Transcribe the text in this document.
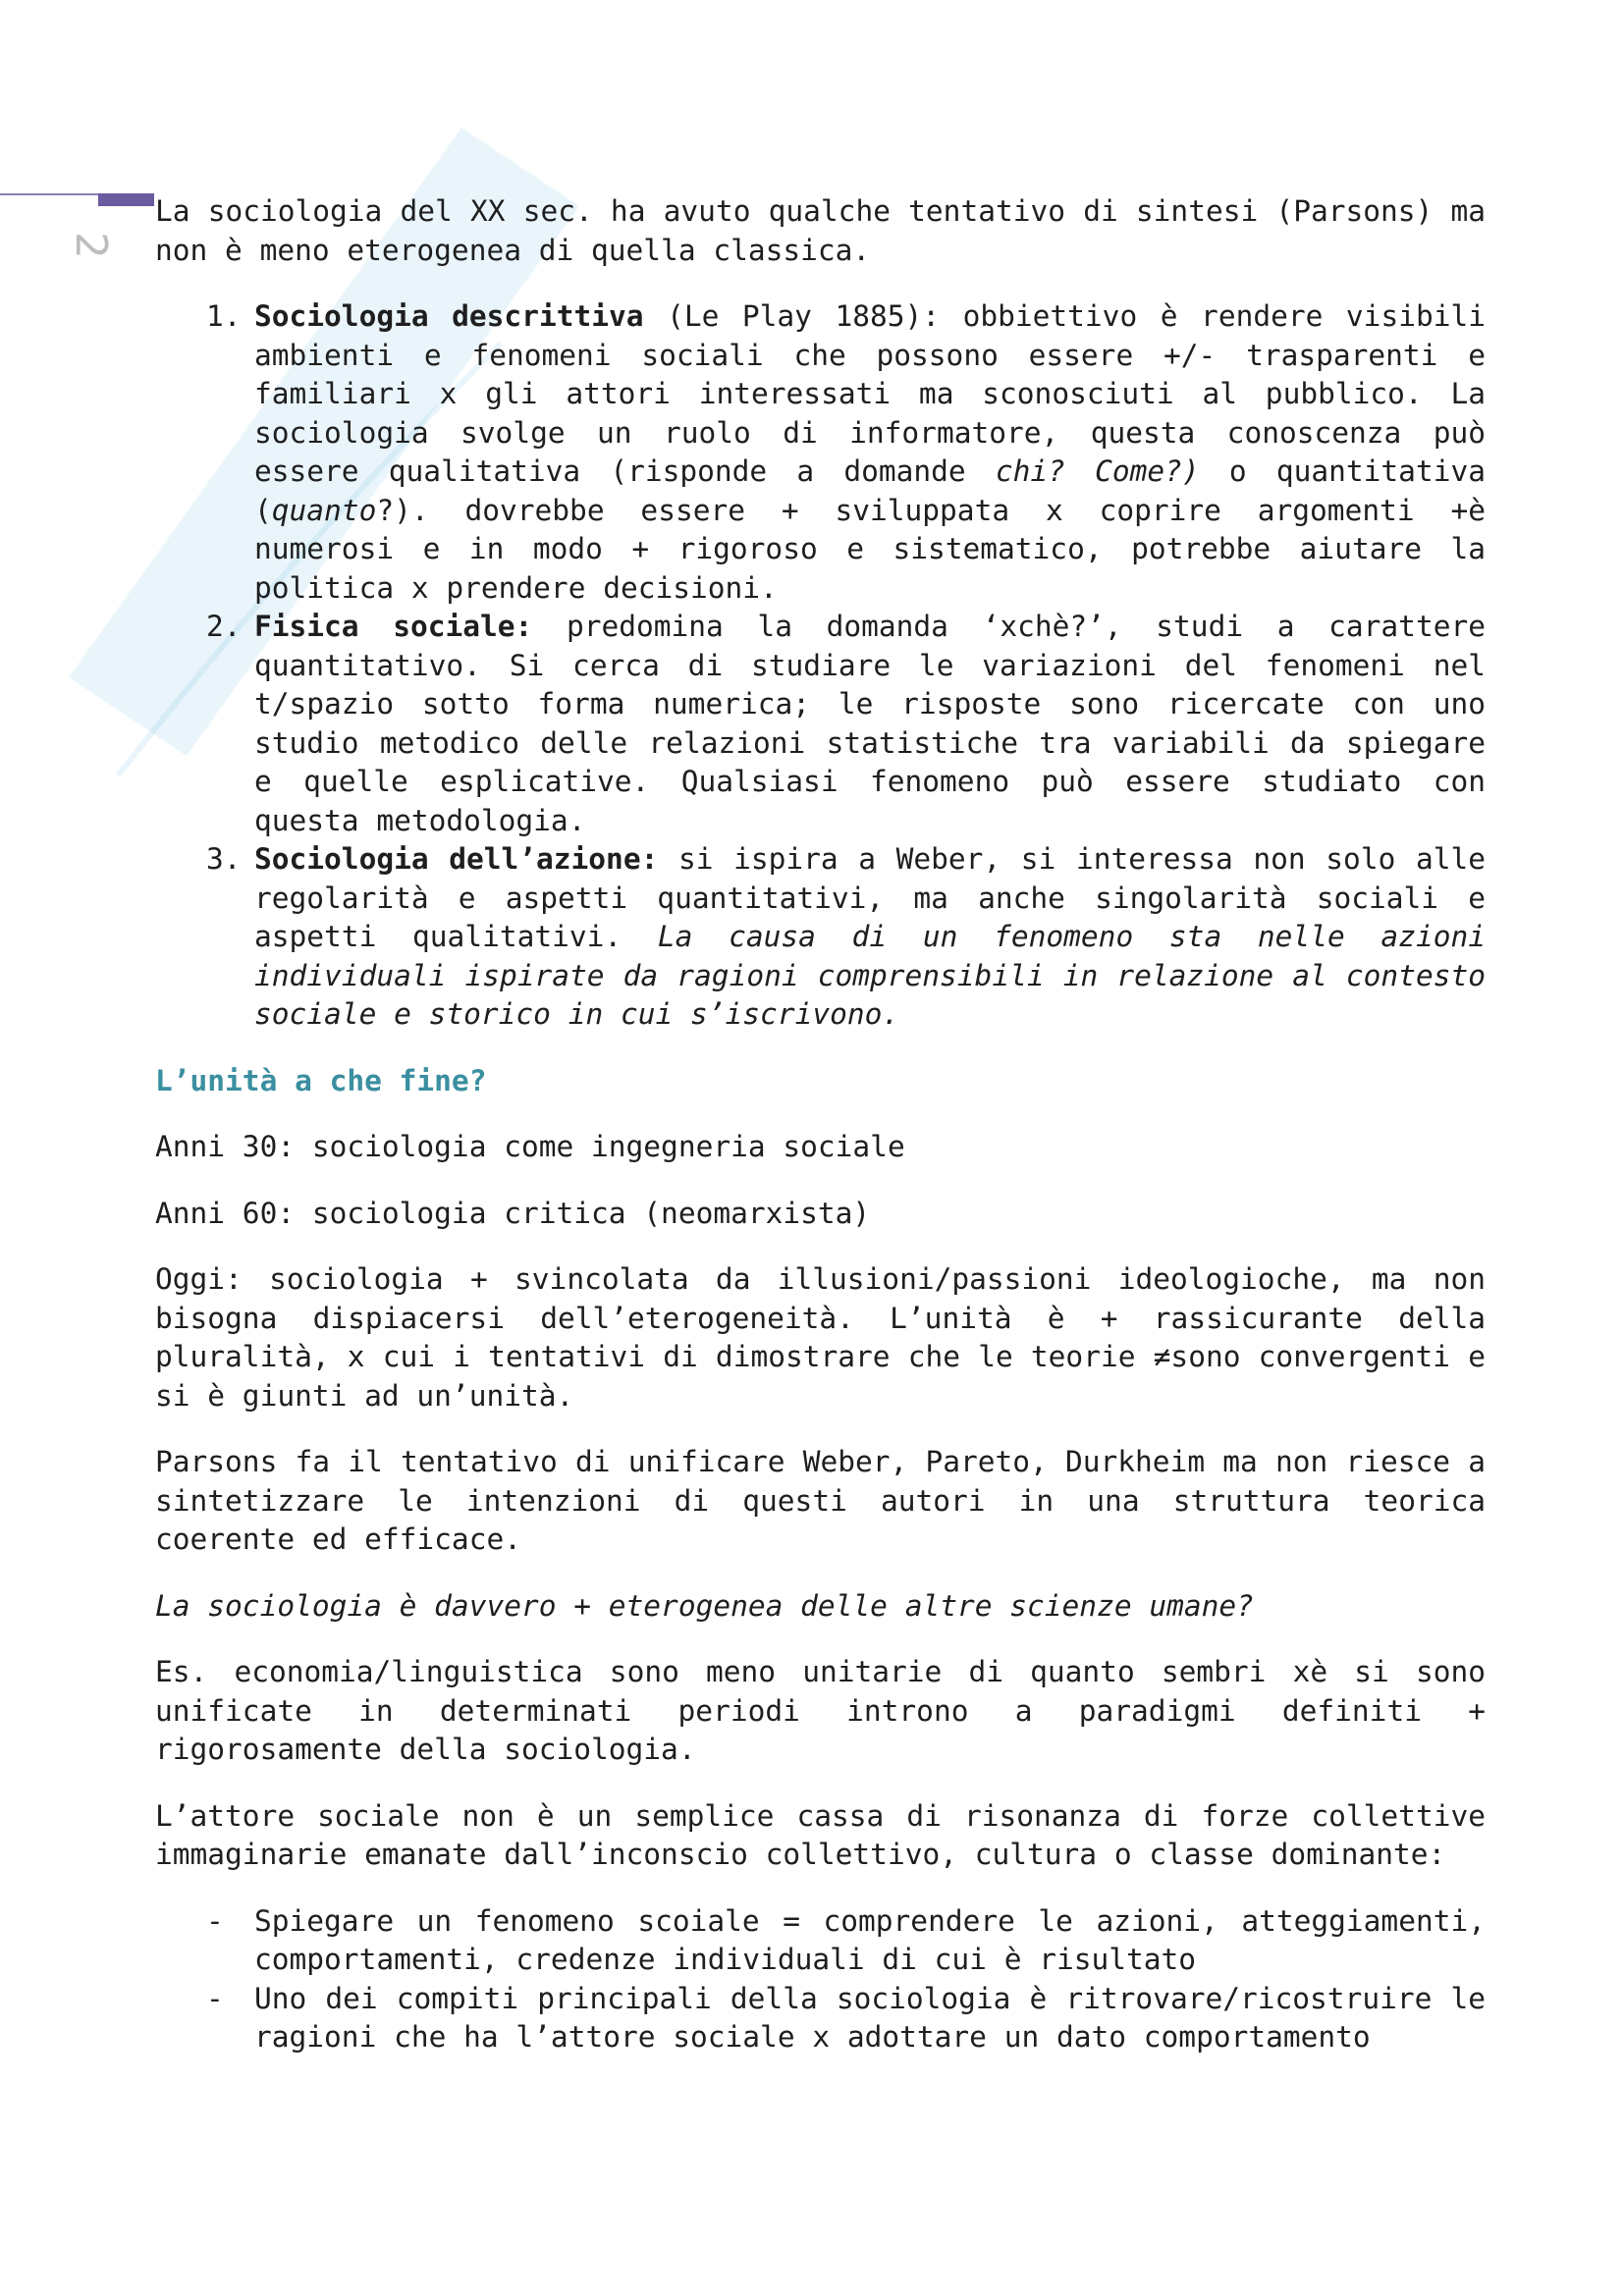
2

La sociologia del XX sec. ha avuto qualche tentativo di sintesi (Parsons) ma non è meno eterogenea di quella classica.

1. Sociologia descrittiva (Le Play 1885): obbiettivo è rendere visibili ambienti e fenomeni sociali che possono essere +/- trasparenti e familiari x gli attori interessati ma sconosciuti al pubblico. La sociologia svolge un ruolo di informatore, questa conoscenza può essere qualitativa (risponde a domande chi? Come?) o quantitativa (quanto?). dovrebbe essere + sviluppata x coprire argomenti +è numerosi e in modo + rigoroso e sistematico, potrebbe aiutare la politica x prendere decisioni.
2. Fisica sociale: predomina la domanda ‘xchè?’, studi a carattere quantitativo. Si cerca di studiare le variazioni del fenomeni nel t/spazio sotto forma numerica; le risposte sono ricercate con uno studio metodico delle relazioni statistiche tra variabili da spiegare e quelle esplicative. Qualsiasi fenomeno può essere studiato con questa metodologia.
3. Sociologia dell’azione: si ispira a Weber, si interessa non solo alle regolarità e aspetti quantitativi, ma anche singolarità sociali e aspetti qualitativi. La causa di un fenomeno sta nelle azioni individuali ispirate da ragioni comprensibili in relazione al contesto sociale e storico in cui s’iscrivono.
L’unità a che fine?

Anni 30: sociologia come ingegneria sociale

Anni 60: sociologia critica (neomarxista)

Oggi: sociologia + svincolata da illusioni/passioni ideologioche, ma non bisogna dispiacersi dell’eterogeneità. L’unità è + rassicurante della pluralità, x cui i tentativi di dimostrare che le teorie ≠sono convergenti e si è giunti ad un’unità.

Parsons fa il tentativo di unificare Weber, Pareto, Durkheim ma non riesce a sintetizzare le intenzioni di questi autori in una struttura teorica coerente ed efficace.

La sociologia è davvero + eterogenea delle altre scienze umane?

Es. economia/linguistica sono meno unitarie di quanto sembri xè si sono unificate in determinati periodi introno a paradigmi definiti + rigorosamente della sociologia.

L’attore sociale non è un semplice cassa di risonanza di forze collettive immaginarie emanate dall’inconscio collettivo, cultura o classe dominante:

- Spiegare un fenomeno scoiale = comprendere le azioni, atteggiamenti, comportamenti, credenze individuali di cui è risultato
- Uno dei compiti principali della sociologia è ritrovare/ricostruire le ragioni che ha l’attore sociale x adottare un dato comportamento
